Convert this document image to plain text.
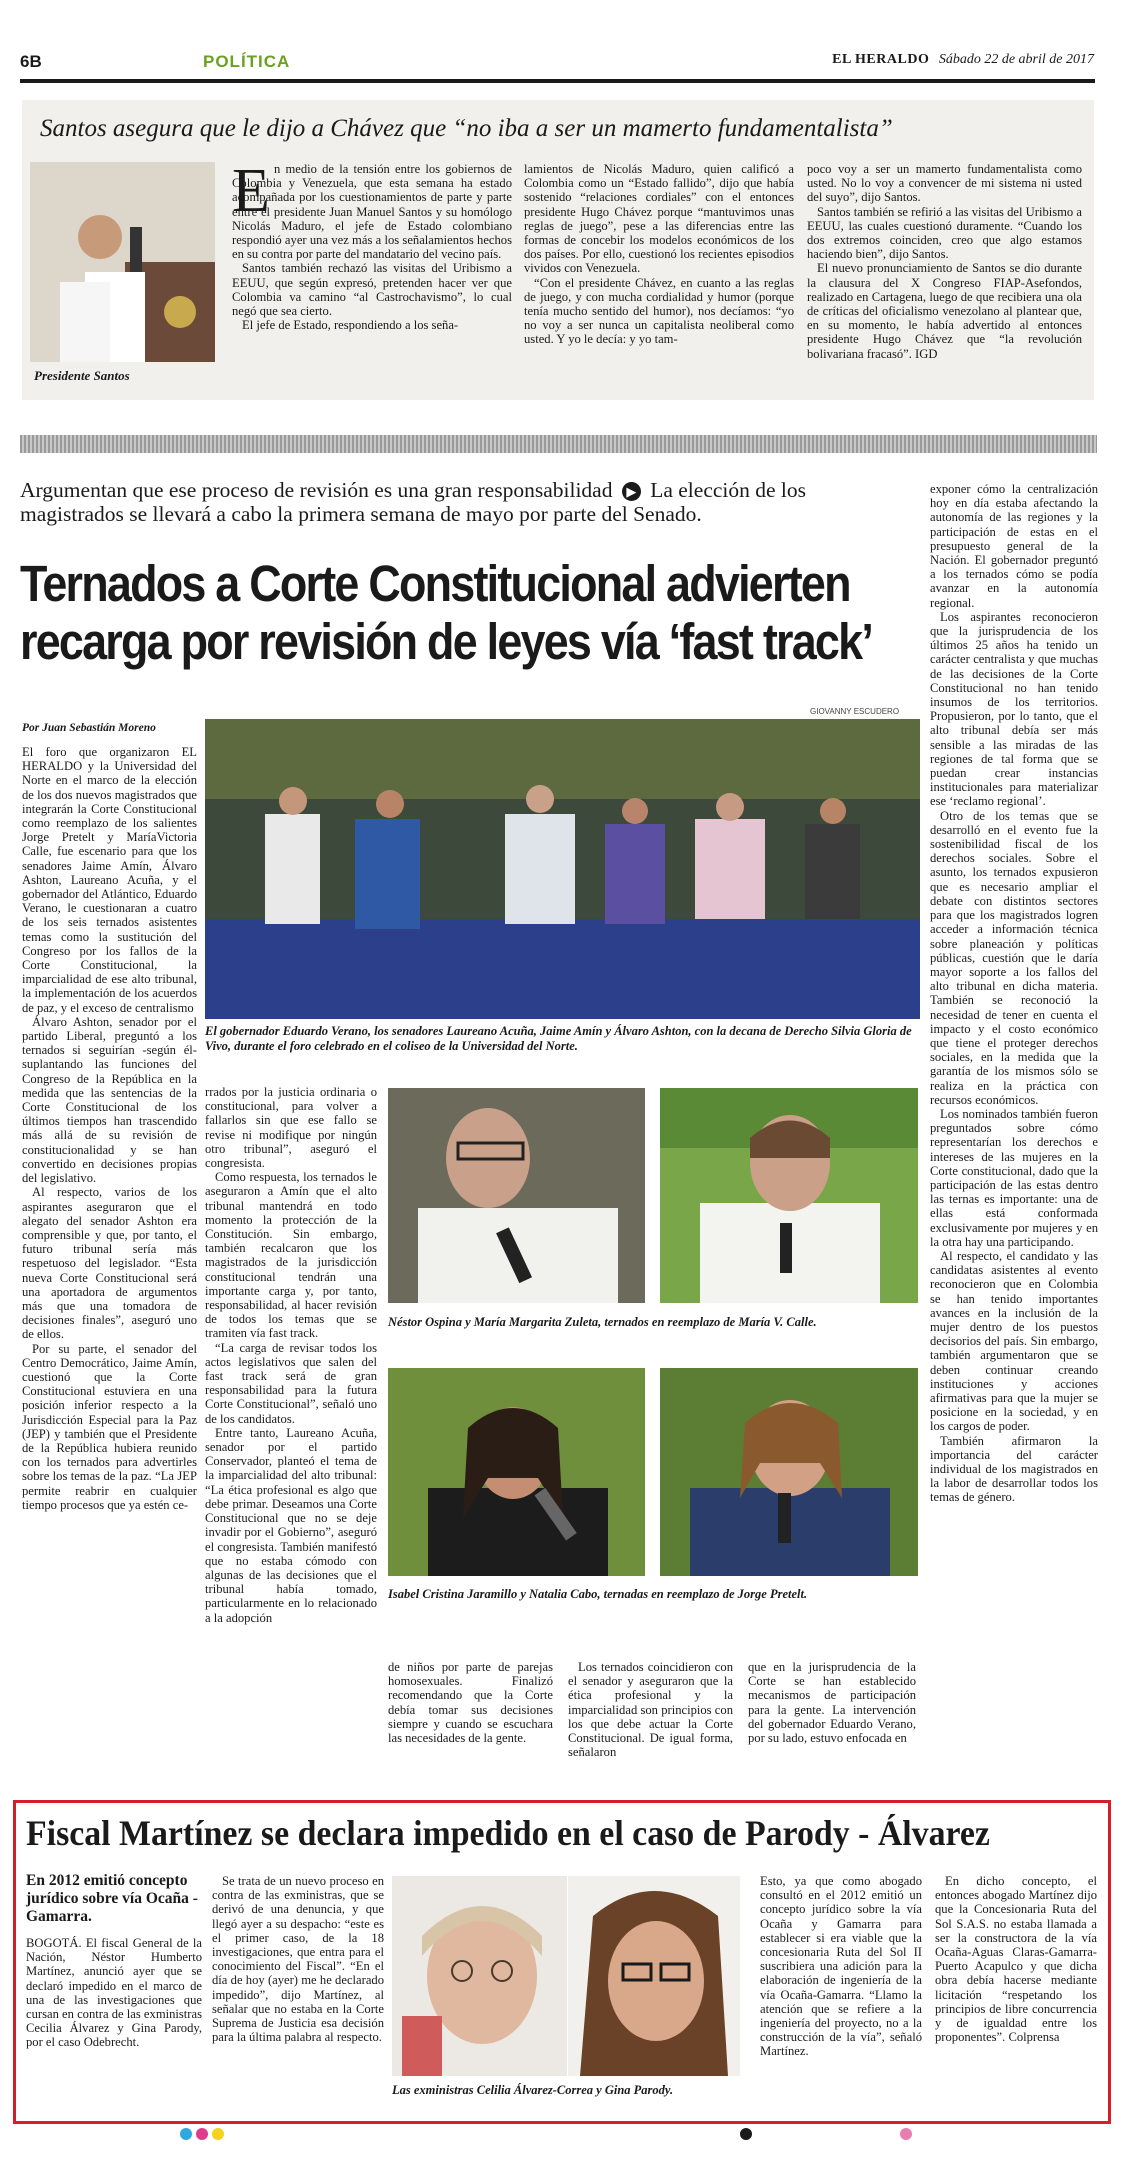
6B	POLÍTICA	EL HERALDO Sábado 22 de abril de 2017
Santos asegura que le dijo a Chávez que “no iba a ser un mamerto fundamentalista”
Presidente Santos
E n medio de la tensión entre los gobiernos de Colombia y Venezuela, que esta semana ha estado acompañada por los cuestionamientos de parte y parte entre el presidente Juan Manuel Santos y su homólogo Nicolás Maduro, el jefe de Estado colombiano respondió ayer una vez más a los señalamientos hechos en su contra por parte del mandatario del vecino país.

Santos también rechazó las visitas del Uribismo a EEUU, que según expresó, pretenden hacer ver que Colombia va camino “al Castrochavismo”, lo cual negó que sea cierto.

El jefe de Estado, respondiendo a los seña-

lamientos de Nicolás Maduro, quien calificó a Colombia como un “Estado fallido”, dijo que había sostenido “relaciones cordiales” con el entonces presidente Hugo Chávez porque “mantuvimos unas reglas de juego”, pese a las diferencias entre las formas de concebir los modelos económicos de los dos países. Por ello, cuestionó los recientes episodios vividos con Venezuela.

“Con el presidente Chávez, en cuanto a las reglas de juego, y con mucha cordialidad y humor (porque tenía mucho sentido del humor), nos decíamos: “yo no voy a ser nunca un capitalista neoliberal como usted. Y yo le decía: y yo tam-

poco voy a ser un mamerto fundamentalista como usted. No lo voy a convencer de mi sistema ni usted del suyo”, dijo Santos.

Santos también se refirió a las visitas del Uribismo a EEUU, las cuales cuestionó duramente. “Cuando los dos extremos coinciden, creo que algo estamos haciendo bien”, dijo Santos.

El nuevo pronunciamiento de Santos se dio durante la clausura del X Congreso FIAP-Asefondos, realizado en Cartagena, luego de que recibiera una ola de críticas del oficialismo venezolano al plantear que, en su momento, le había advertido al entonces presidente Hugo Chávez que “la revolución bolivariana fracasó”. IGD

Argumentan que ese proceso de revisión es una gran responsabilidad ▶ La elección de los magistrados se llevará a cabo la primera semana de mayo por parte del Senado.
Ternados a Corte Constitucional advierten
recarga por revisión de leyes vía ‘fast track’
Por Juan Sebastián Moreno
GIOVANNY ESCUDERO
El gobernador Eduardo Verano, los senadores Laureano Acuña, Jaime Amín y Álvaro Ashton, con la decana de Derecho Silvia Gloria de Vivo, durante el foro celebrado en el coliseo de la Universidad del Norte.

El foro que organizaron EL HERALDO y la Universidad del Norte en el marco de la elección de los dos nuevos magistrados que integrarán la Corte Constitucional como reemplazo de los salientes Jorge Pretelt y MaríaVictoria Calle, fue escenario para que los senadores Jaime Amín, Álvaro Ashton, Laureano Acuña, y el gobernador del Atlántico, Eduardo Verano, le cuestionaran a cuatro de los seis ternados asistentes temas como la sustitución del Congreso por los fallos de la Corte Constitucional, la imparcialidad de ese alto tribunal, la implementación de los acuerdos de paz, y el exceso de centralismo

Álvaro Ashton, senador por el partido Liberal, preguntó a los ternados si seguirían -según él- suplantando las funciones del Congreso de la República en la medida que las sentencias de la Corte Constitucional de los últimos tiempos han trascendido más allá de su revisión de constitucionalidad y se han convertido en decisiones propias del legislativo.

Al respecto, varios de los aspirantes aseguraron que el alegato del senador Ashton era comprensible y que, por tanto, el futuro tribunal sería más respetuoso del legislador. “Esta nueva Corte Constitucional será una aportadora de argumentos más que una tomadora de decisiones finales”, aseguró uno de ellos.

Por su parte, el senador del Centro Democrático, Jaime Amín, cuestionó que la Corte Constitucional estuviera en una posición inferior respecto a la Jurisdicción Especial para la Paz (JEP) y también que el Presidente de la República hubiera reunido con los ternados para advertirles sobre los temas de la paz. “La JEP permite reabrir en cualquier tiempo procesos que ya estén ce-

rrados por la justicia ordinaria o constitucional, para volver a fallarlos sin que ese fallo se revise ni modifique por ningún otro tribunal”, aseguró el congresista.

Como respuesta, los ternados le aseguraron a Amín que el alto tribunal mantendrá en todo momento la protección de la Constitución. Sin embargo, también recalcaron que los magistrados de la jurisdicción constitucional tendrán una importante carga y, por tanto, responsabilidad, al hacer revisión de todos los temas que se tramiten vía fast track.

“La carga de revisar todos los actos legislativos que salen del fast track será de gran responsabilidad para la futura Corte Constitucional”, señaló uno de los candidatos.

Entre tanto, Laureano Acuña, senador por el partido Conservador, planteó el tema de la imparcialidad del alto tribunal: “La ética profesional es algo que debe primar. Deseamos una Corte Constitucional que no se deje invadir por el Gobierno”, aseguró el congresista. También manifestó que no estaba cómodo con algunas de las decisiones que el tribunal había tomado, particularmente en lo relacionado a la adopción

Néstor Ospina y María Margarita Zuleta, ternados en reemplazo de María V. Calle.
Isabel Cristina Jaramillo y Natalia Cabo, ternadas en reemplazo de Jorge Pretelt.

de niños por parte de parejas homosexuales. Finalizó recomendando que la Corte debía tomar sus decisiones siempre y cuando se escuchara las necesidades de la gente.

Los ternados coincidieron con el senador y aseguraron que la ética profesional y la imparcialidad son principios con los que debe actuar la Corte Constitucional. De igual forma, señalaron

que en la jurisprudencia de la Corte se han establecido mecanismos de participación para la gente. La intervención del gobernador Eduardo Verano, por su lado, estuvo enfocada en

exponer cómo la centralización hoy en día estaba afectando la autonomía de las regiones y la participación de estas en el presupuesto general de la Nación. El gobernador preguntó a los ternados cómo se podía avanzar en la autonomía regional.

Los aspirantes reconocieron que la jurisprudencia de los últimos 25 años ha tenido un carácter centralista y que muchas de las decisiones de la Corte Constitucional no han tenido insumos de los territorios. Propusieron, por lo tanto, que el alto tribunal debía ser más sensible a las miradas de las regiones de tal forma que se puedan crear instancias institucionales para materializar ese ‘reclamo regional’.

Otro de los temas que se desarrolló en el evento fue la sostenibilidad fiscal de los derechos sociales. Sobre el asunto, los ternados expusieron que es necesario ampliar el debate con distintos sectores para que los magistrados logren acceder a información técnica sobre planeación y políticas públicas, cuestión que le daría mayor soporte a los fallos del alto tribunal en dicha materia. También se reconoció la necesidad de tener en cuenta el impacto y el costo económico que tiene el proteger derechos sociales, en la medida que la garantía de los mismos sólo se realiza en la práctica con recursos económicos.

Los nominados también fueron preguntados sobre cómo representarían los derechos e intereses de las mujeres en la Corte constitucional, dado que la participación de las estas dentro las ternas es importante: una de ellas está conformada exclusivamente por mujeres y en la otra hay una participando.

Al respecto, el candidato y las candidatas asistentes al evento reconocieron que en Colombia se han tenido importantes avances en la inclusión de la mujer dentro de los puestos decisorios del país. Sin embargo, también argumentaron que se deben continuar creando instituciones y acciones afirmativas para que la mujer se posicione en la sociedad, y en los cargos de poder.

También afirmaron la importancia del carácter individual de los magistrados en la labor de desarrollar todos los temas de género.

Fiscal Martínez se declara impedido en el caso de Parody - Álvarez
En 2012 emitió concepto jurídico sobre vía Ocaña - Gamarra.

BOGOTÁ. El fiscal General de la Nación, Néstor Humberto Martínez, anunció ayer que se declaró impedido en el marco de una de las investigaciones que cursan en contra de las exministras Cecilia Álvarez y Gina Parody, por el caso Odebrecht.

Se trata de un nuevo proceso en contra de las exministras, que se derivó de una denuncia, y que llegó ayer a su despacho: “este es el primer caso, de la 18 investigaciones, que entra para el conocimiento del Fiscal”. “En el día de hoy (ayer) me he declarado impedido”, dijo Martínez, al señalar que no estaba en la Corte Suprema de Justicia esa decisión para la última palabra al respecto.

Las exministras Celilia Álvarez-Correa y Gina Parody.

Esto, ya que como abogado consultó en el 2012 emitió un concepto jurídico sobre la vía Ocaña y Gamarra para establecer si era viable que la concesionaria Ruta del Sol II suscribiera una adición para la elaboración de ingeniería de la vía Ocaña-Gamarra. “Llamo la atención que se refiere a la ingeniería del proyecto, no a la construcción de la vía”, señaló Martínez.

En dicho concepto, el entonces abogado Martínez dijo que la Concesionaria Ruta del Sol S.A.S. no estaba llamada a ser la constructora de la vía Ocaña-Aguas Claras-Gamarra-Puerto Acapulco y que dicha obra debía hacerse mediante licitación “respetando los principios de libre concurrencia y de igualdad entre los proponentes”. Colprensa
